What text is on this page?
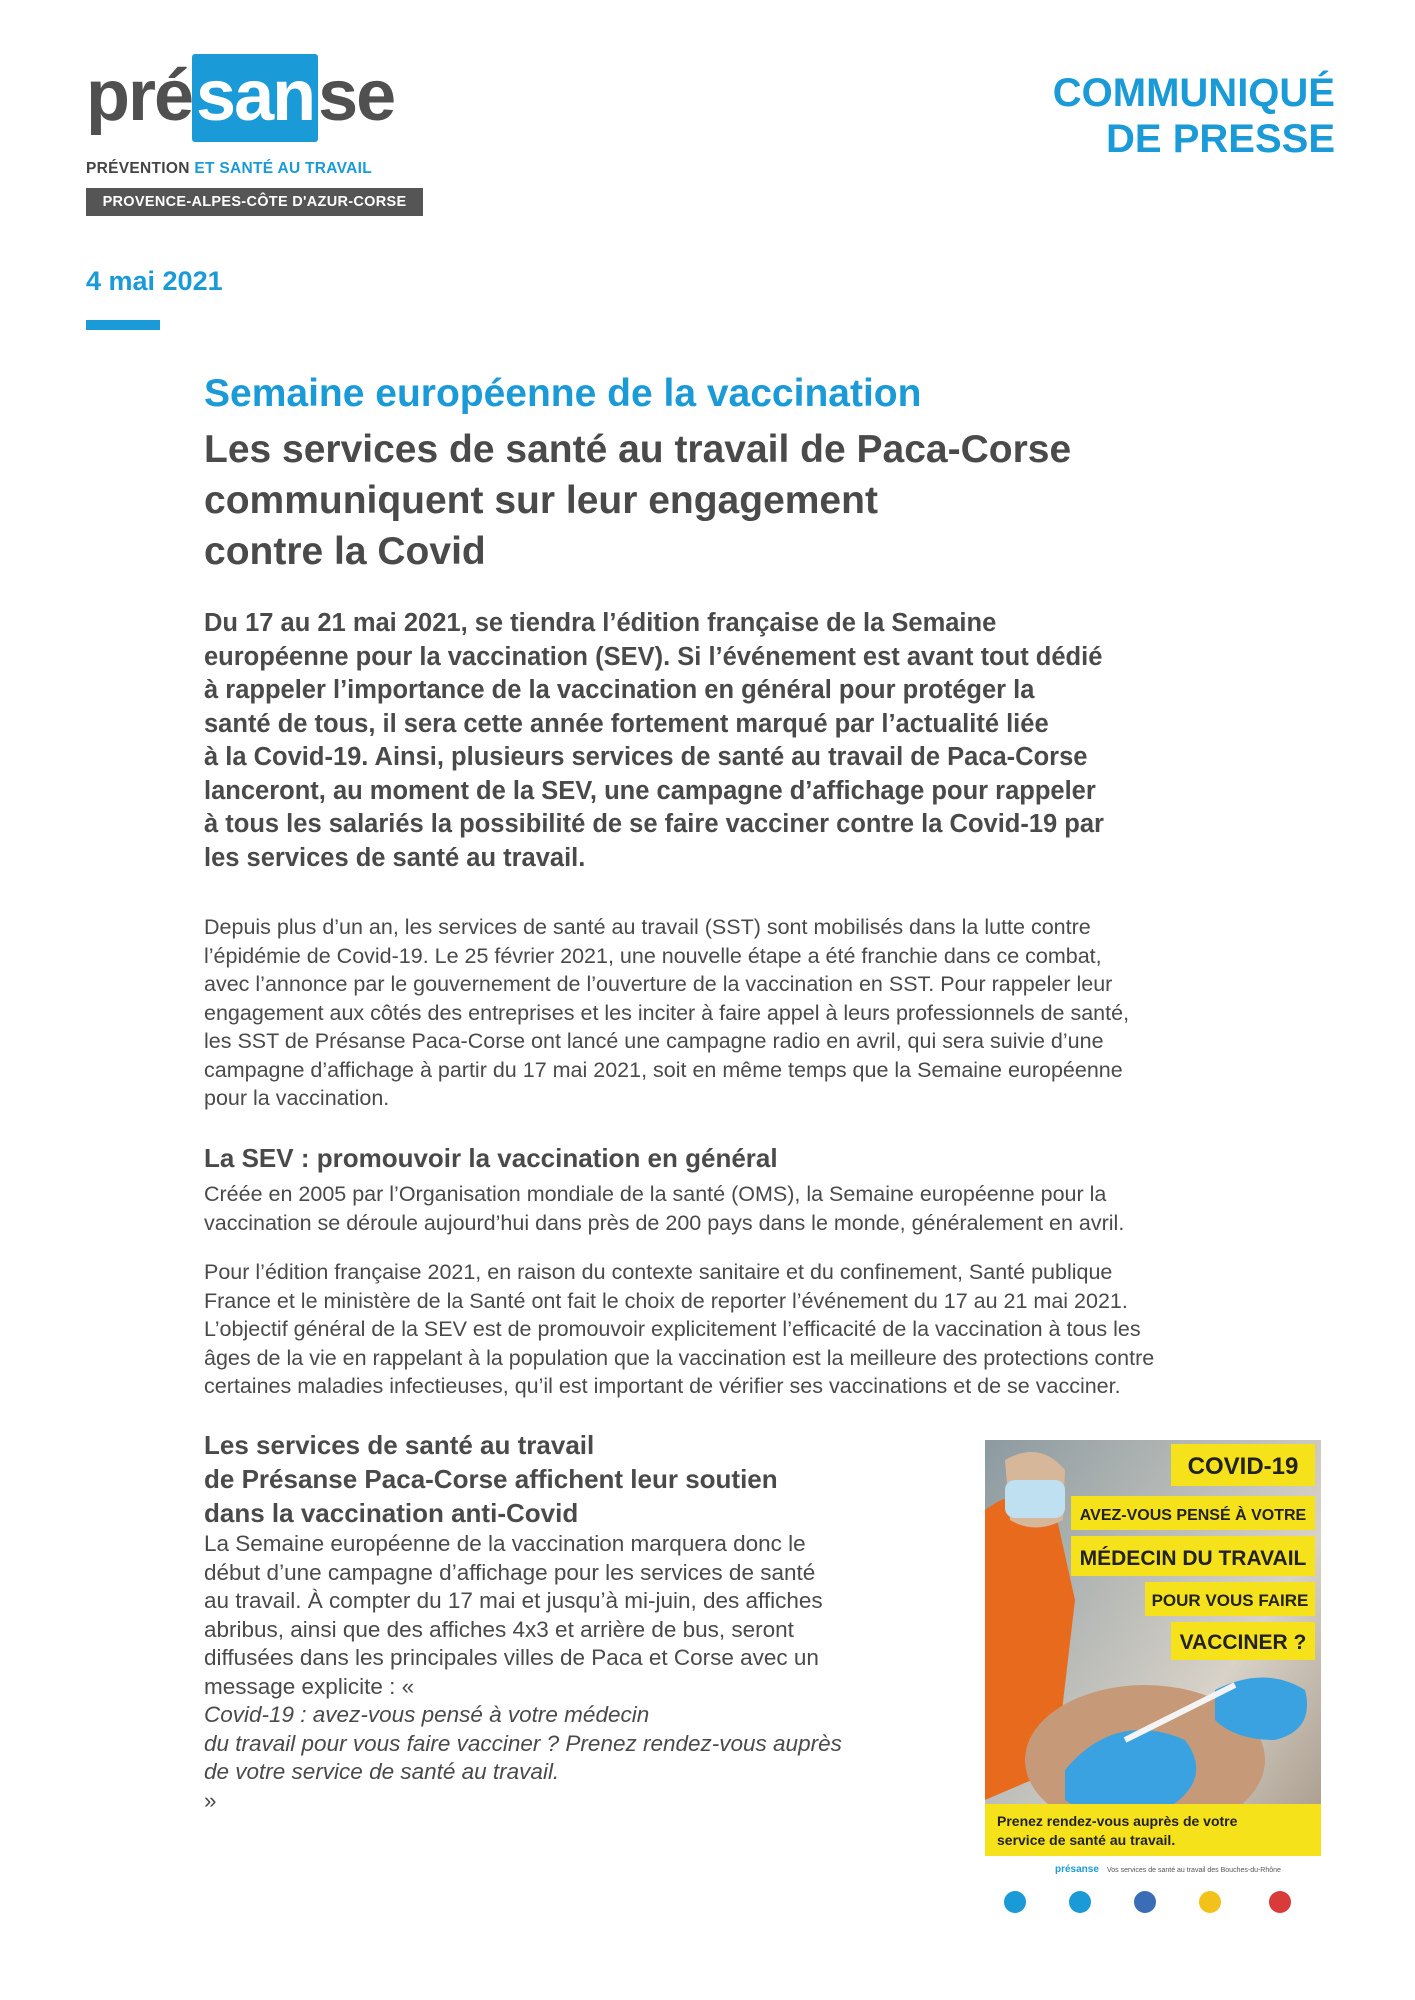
présanse
PRÉVENTION ET SANTÉ AU TRAVAIL
PROVENCE-ALPES-CÔTE D'AZUR-CORSE
COMMUNIQUÉ
DE PRESSE
4 mai 2021
Semaine européenne de la vaccination
Les services de santé au travail de Paca-Corse
communiquent sur leur engagement
contre la Covid
Du 17 au 21 mai 2021, se tiendra l’édition française de la Semaine
européenne pour la vaccination (SEV). Si l’événement est avant tout dédié
à rappeler l’importance de la vaccination en général pour protéger la
santé de tous, il sera cette année fortement marqué par l’actualité liée
à la Covid-19. Ainsi, plusieurs services de santé au travail de Paca-Corse
lanceront, au moment de la SEV, une campagne d’affichage pour rappeler
à tous les salariés la possibilité de se faire vacciner contre la Covid-19 par
les services de santé au travail.
Depuis plus d’un an, les services de santé au travail (SST) sont mobilisés dans la lutte contre
l’épidémie de Covid-19. Le 25 février 2021, une nouvelle étape a été franchie dans ce combat,
avec l’annonce par le gouvernement de l’ouverture de la vaccination en SST. Pour rappeler leur
engagement aux côtés des entreprises et les inciter à faire appel à leurs professionnels de santé,
les SST de Présanse Paca-Corse ont lancé une campagne radio en avril, qui sera suivie d’une
campagne d’affichage à partir du 17 mai 2021, soit en même temps que la Semaine européenne
pour la vaccination.
La SEV : promouvoir la vaccination en général
Créée en 2005 par l’Organisation mondiale de la santé (OMS), la Semaine européenne pour la
vaccination se déroule aujourd’hui dans près de 200 pays dans le monde, généralement en avril.
Pour l’édition française 2021, en raison du contexte sanitaire et du confinement, Santé publique
France et le ministère de la Santé ont fait le choix de reporter l’événement du 17 au 21 mai 2021.
L’objectif général de la SEV est de promouvoir explicitement l’efficacité de la vaccination à tous les
âges de la vie en rappelant à la population que la vaccination est la meilleure des protections contre
certaines maladies infectieuses, qu’il est important de vérifier ses vaccinations et de se vacciner.
Les services de santé au travail
de Présanse Paca-Corse affichent leur soutien
dans la vaccination anti-Covid
La Semaine européenne de la vaccination marquera donc le
début d’une campagne d’affichage pour les services de santé
au travail. À compter du 17 mai et jusqu’à mi-juin, des affiches
abribus, ainsi que des affiches 4x3 et arrière de bus, seront
diffusées dans les principales villes de Paca et Corse avec un
message explicite : «
Covid-19 : avez-vous pensé à votre médecin
du travail pour vous faire vacciner ? Prenez rendez-vous auprès
de votre service de santé au travail.
»
COVID-19
AVEZ-VOUS PENSÉ À VOTRE
MÉDECIN DU TRAVAIL
POUR VOUS FAIRE
VACCINER ?
Prenez rendez-vous auprès de votre
service de santé au travail.
présanse Vos services de santé au travail des Bouches-du-Rhône
